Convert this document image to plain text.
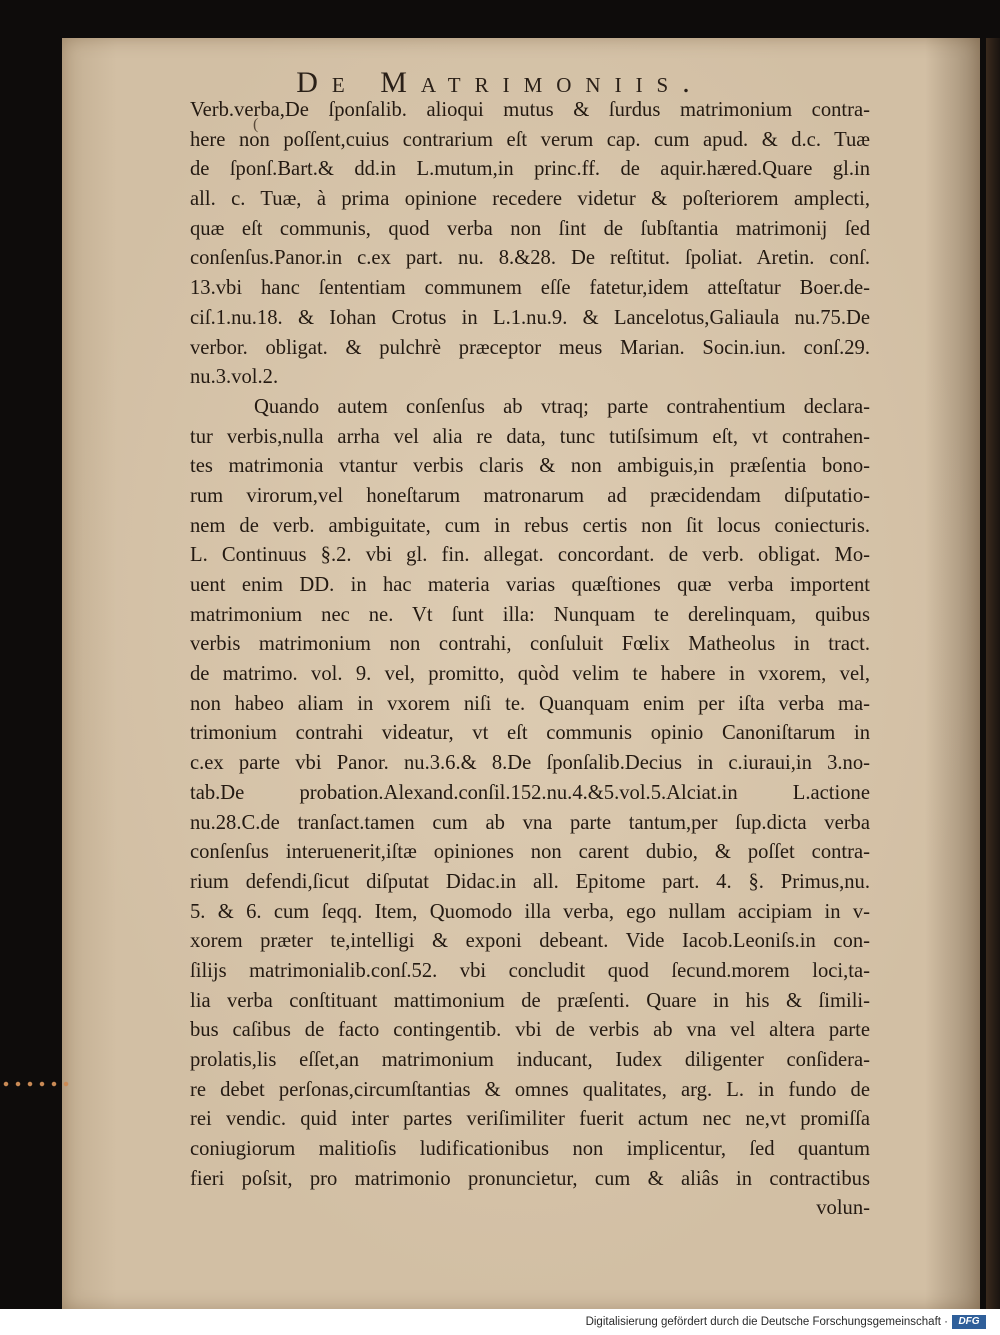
De Matrimoniis.
(
Verb.verba,De ſponſalib. alioqui mutus & ſurdus matrimonium contra-
here non poſſent,cuius contrarium eſt verum cap. cum apud. & d.c. Tuæ
de ſponſ.Bart.& dd.in L.mutum,in princ.ff. de aquir.hæred.Quare gl.in
all. c. Tuæ, à prima opinione recedere videtur & poſteriorem amplecti,
quæ eſt communis, quod verba non ſint de ſubſtantia matrimonij ſed
conſenſus.Panor.in c.ex part. nu. 8.&28. De reſtitut. ſpoliat. Aretin. conſ.
13.vbi hanc ſententiam communem eſſe fatetur,idem atteſtatur Boer.de-
ciſ.1.nu.18. & Iohan Crotus in L.1.nu.9. & Lancelotus,Galiaula nu.75.De
verbor. obligat. & pulchrè præceptor meus Marian. Socin.iun. conſ.29.
nu.3.vol.2.
Quando autem conſenſus ab vtraq; parte contrahentium declara-
tur verbis,nulla arrha vel alia re data, tunc tutiſsimum eſt, vt contrahen-
tes matrimonia vtantur verbis claris & non ambiguis,in præſentia bono-
rum virorum,vel honeſtarum matronarum ad præcidendam diſputatio-
nem de verb. ambiguitate, cum in rebus certis non ſit locus coniecturis.
L. Continuus §.2. vbi gl. fin. allegat. concordant. de verb. obligat. Mo-
uent enim DD. in hac materia varias quæſtiones quæ verba importent
matrimonium nec ne. Vt ſunt illa: Nunquam te derelinquam, quibus
verbis matrimonium non contrahi, conſuluit Fœlix Matheolus in tract.
de matrimo. vol. 9. vel, promitto, quòd velim te habere in vxorem, vel,
non habeo aliam in vxorem niſi te. Quanquam enim per iſta verba ma-
trimonium contrahi videatur, vt eſt communis opinio Canoniſtarum in
c.ex parte vbi Panor. nu.3.6.& 8.De ſponſalib.Decius in c.iuraui,in 3.no-
tab.De probation.Alexand.conſil.152.nu.4.&5.vol.5.Alciat.in L.actione
nu.28.C.de tranſact.tamen cum ab vna parte tantum,per ſup.dicta verba
conſenſus interuenerit,iſtæ opiniones non carent dubio, & poſſet contra-
rium defendi,ſicut diſputat Didac.in all. Epitome part. 4. §. Primus,nu.
5. & 6. cum ſeqq. Item, Quomodo illa verba, ego nullam accipiam in v-
xorem præter te,intelligi & exponi debeant. Vide Iacob.Leoniſs.in con-
ſilijs matrimonialib.conſ.52. vbi concludit quod ſecund.morem loci,ta-
lia verba conſtituant mattimonium de præſenti. Quare in his & ſimili-
bus caſibus de facto contingentib. vbi de verbis ab vna vel altera parte
prolatis,lis eſſet,an matrimonium inducant, Iudex diligenter conſidera-
re debet perſonas,circumſtantias & omnes qualitates, arg. L. in fundo de
rei vendic. quid inter partes veriſimiliter fuerit actum nec ne,vt promiſſa
coniugiorum malitioſis ludificationibus non implicentur, ſed quantum
fieri poſsit, pro matrimonio pronuncietur, cum & aliâs in contractibus
volun-
Digitalisierung gefördert durch die Deutsche Forschungsgemeinschaft ·	DFG
